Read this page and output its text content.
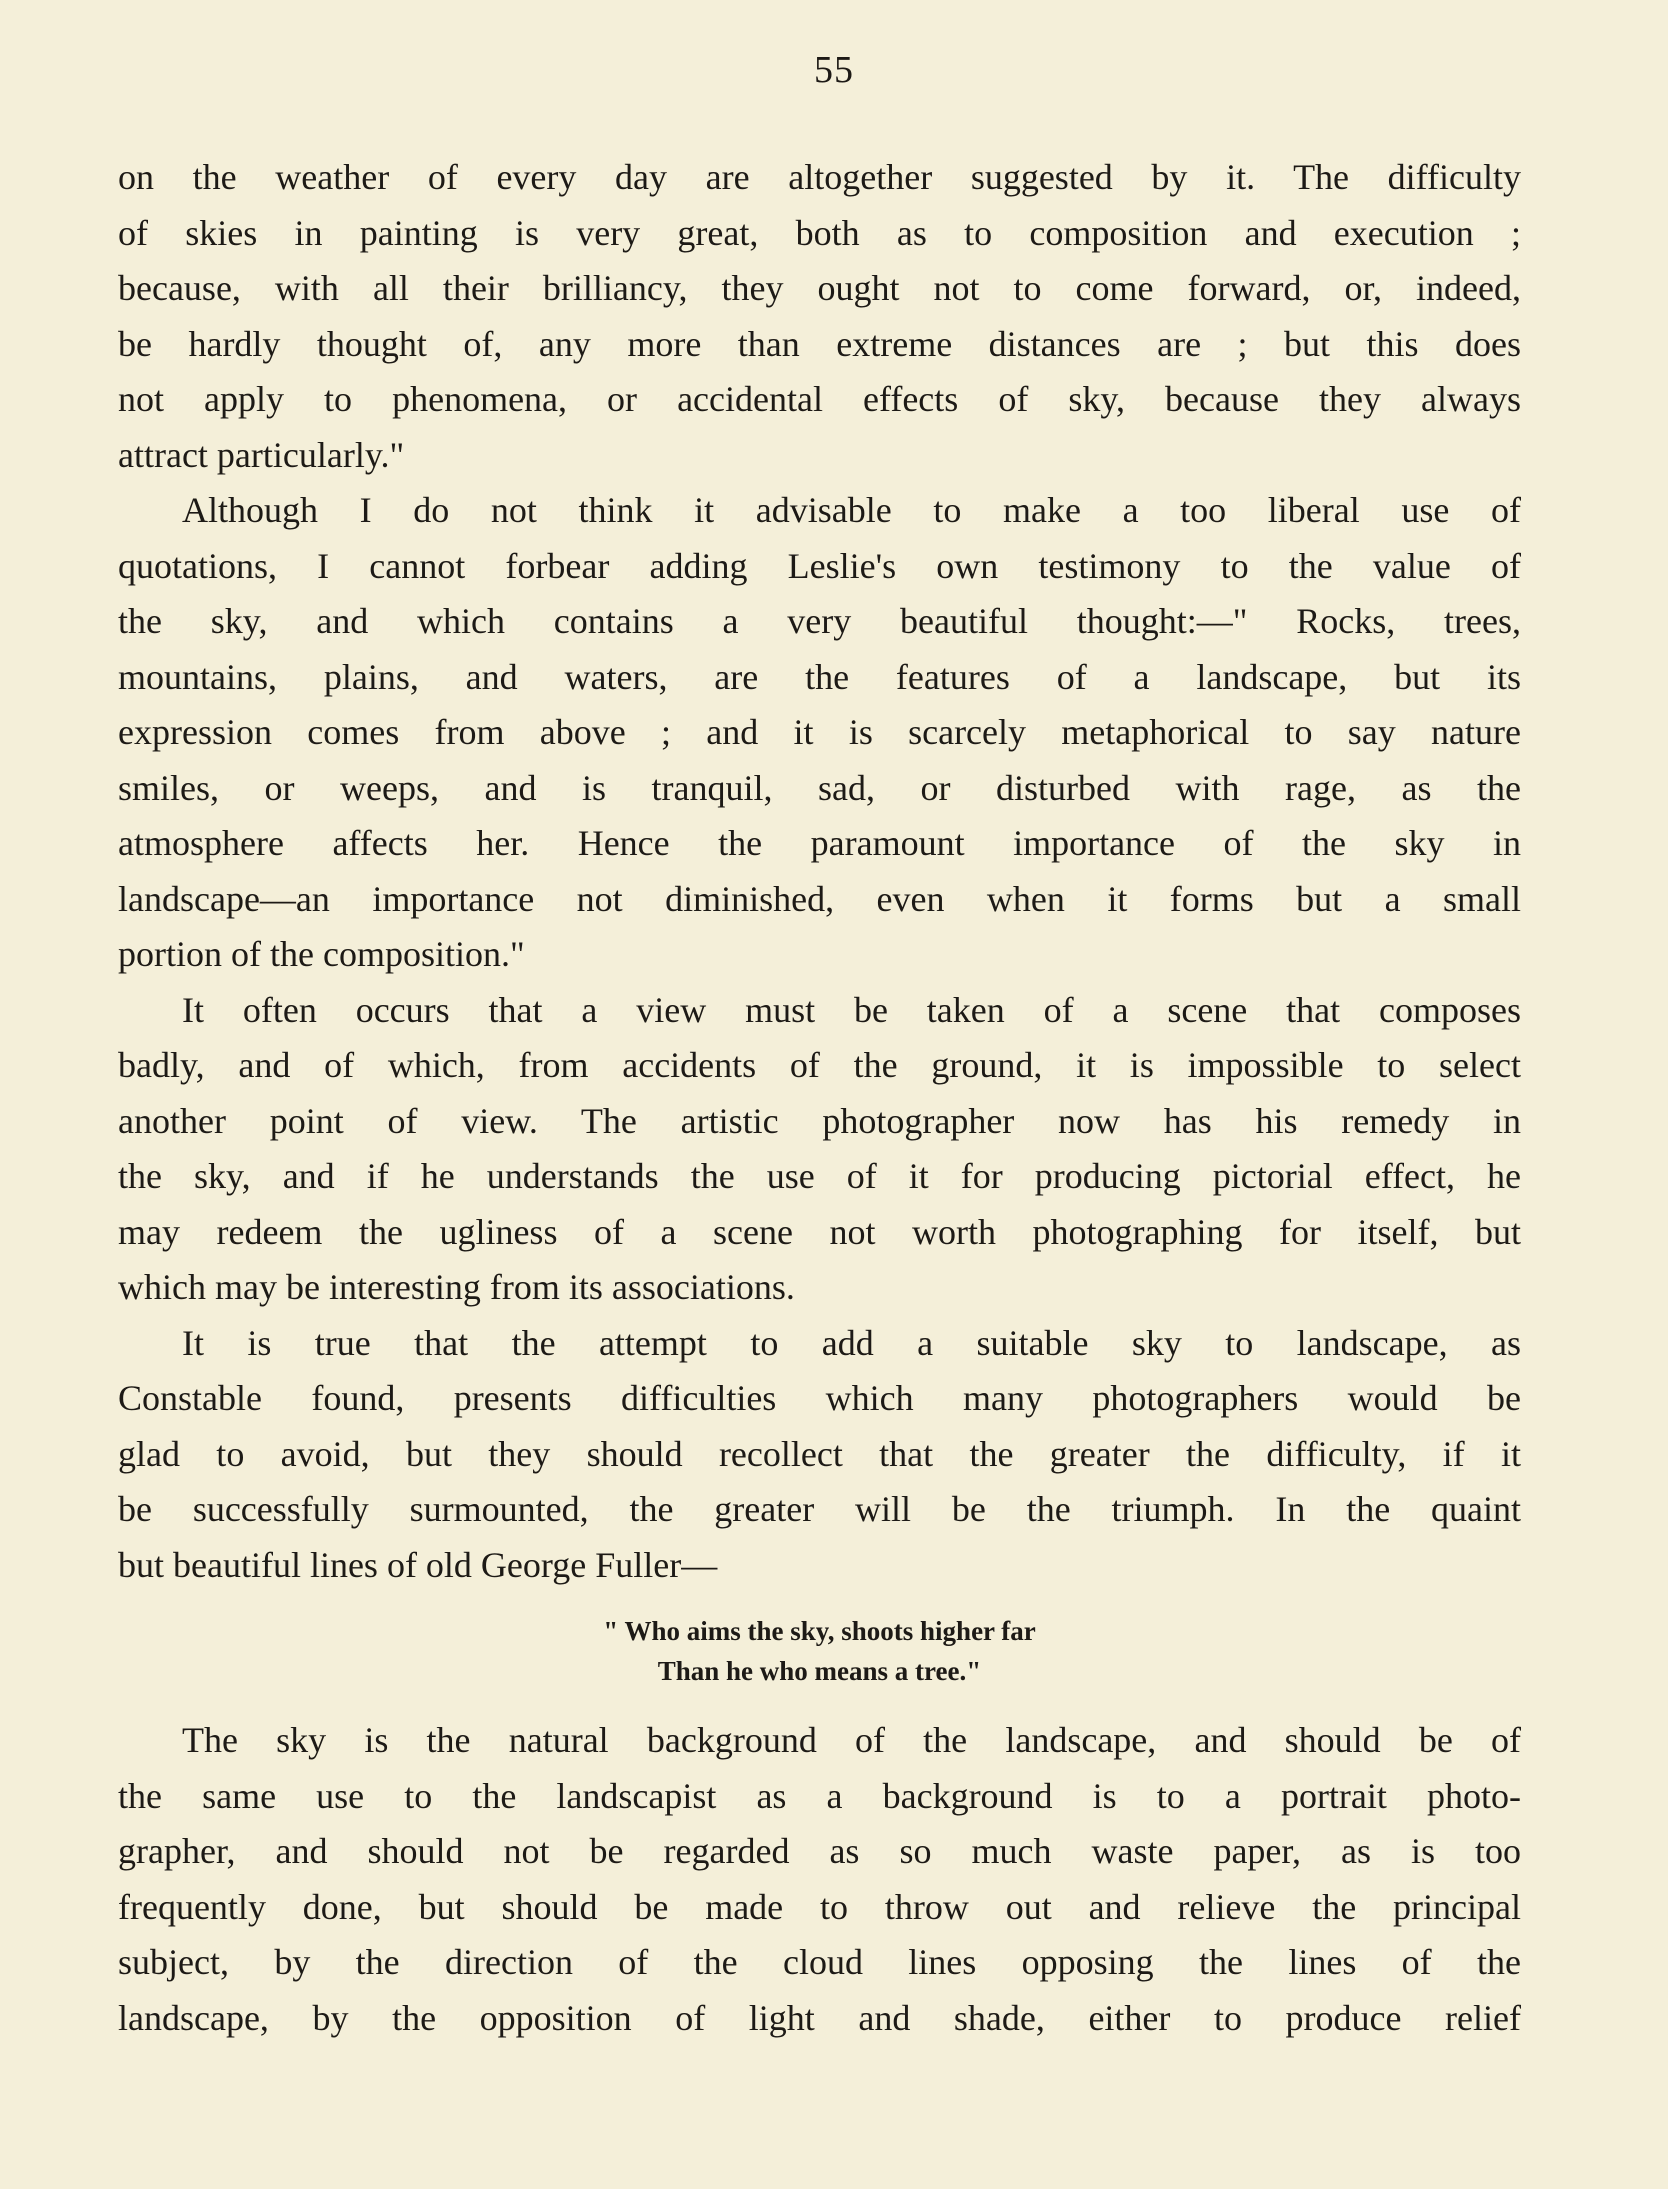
55
on the weather of every day are altogether suggested by it. The difficulty
of skies in painting is very great, both as to composition and execution ;
because, with all their brilliancy, they ought not to come forward, or, indeed,
be hardly thought of, any more than extreme distances are ; but this does
not apply to phenomena, or accidental effects of sky, because they always
attract particularly."
Although I do not think it advisable to make a too liberal use of
quotations, I cannot forbear adding Leslie's own testimony to the value of
the sky, and which contains a very beautiful thought:—" Rocks, trees,
mountains, plains, and waters, are the features of a landscape, but its
expression comes from above ; and it is scarcely metaphorical to say nature
smiles, or weeps, and is tranquil, sad, or disturbed with rage, as the
atmosphere affects her. Hence the paramount importance of the sky in
landscape—an importance not diminished, even when it forms but a small
portion of the composition."
It often occurs that a view must be taken of a scene that composes
badly, and of which, from accidents of the ground, it is impossible to select
another point of view. The artistic photographer now has his remedy in
the sky, and if he understands the use of it for producing pictorial effect, he
may redeem the ugliness of a scene not worth photographing for itself, but
which may be interesting from its associations.
It is true that the attempt to add a suitable sky to landscape, as
Constable found, presents difficulties which many photographers would be
glad to avoid, but they should recollect that the greater the difficulty, if it
be successfully surmounted, the greater will be the triumph. In the quaint
but beautiful lines of old George Fuller—
" Who aims the sky, shoots higher far
Than he who means a tree."
The sky is the natural background of the landscape, and should be of
the same use to the landscapist as a background is to a portrait photo-
grapher, and should not be regarded as so much waste paper, as is too
frequently done, but should be made to throw out and relieve the principal
subject, by the direction of the cloud lines opposing the lines of the
landscape, by the opposition of light and shade, either to produce relief
